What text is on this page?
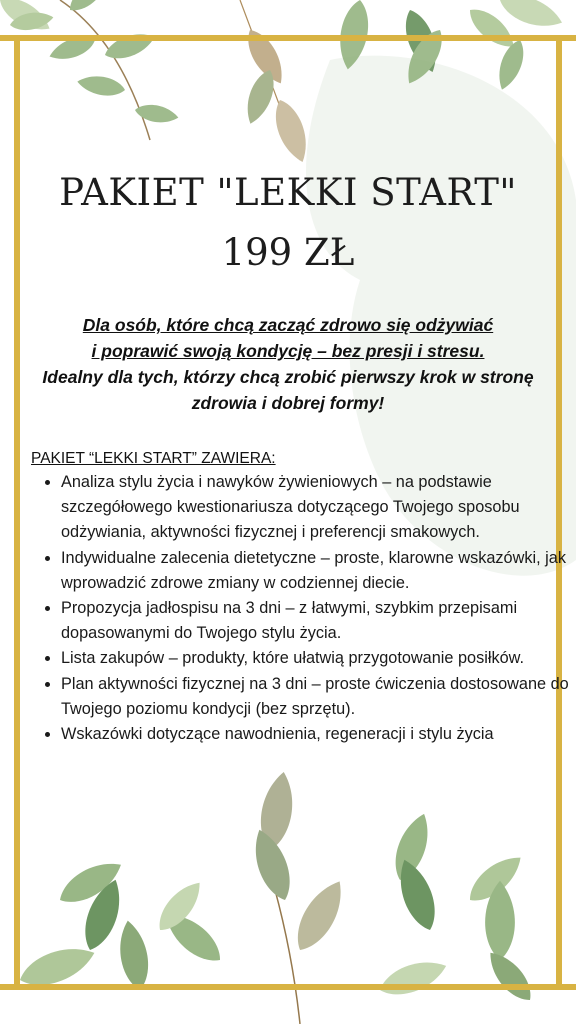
PAKIET "LEKKI START"
199 ZŁ
Dla osób, które chcą zacząć zdrowo się odżywiać
i poprawić swoją kondycję – bez presji i stresu.
Idealny dla tych, którzy chcą zrobić pierwszy krok w stronę zdrowia i dobrej formy!
PAKIET “LEKKI START” ZAWIERA:
• Analiza stylu życia i nawyków żywieniowych – na podstawie szczegółowego kwestionariusza dotyczącego Twojego sposobu odżywiania, aktywności fizycznej i preferencji smakowych.
• Indywidualne zalecenia dietetyczne – proste, klarowne wskazówki, jak wprowadzić zdrowe zmiany w codziennej diecie.
• Propozycja jadłospisu na 3 dni – z łatwymi, szybkim przepisami dopasowanymi do Twojego stylu życia.
• Lista zakupów – produkty, które ułatwią przygotowanie posiłków.
• Plan aktywności fizycznej na 3 dni – proste ćwiczenia dostosowane do Twojego poziomu kondycji (bez sprzętu).
• Wskazówki dotyczące nawodnienia, regeneracji i stylu życia
